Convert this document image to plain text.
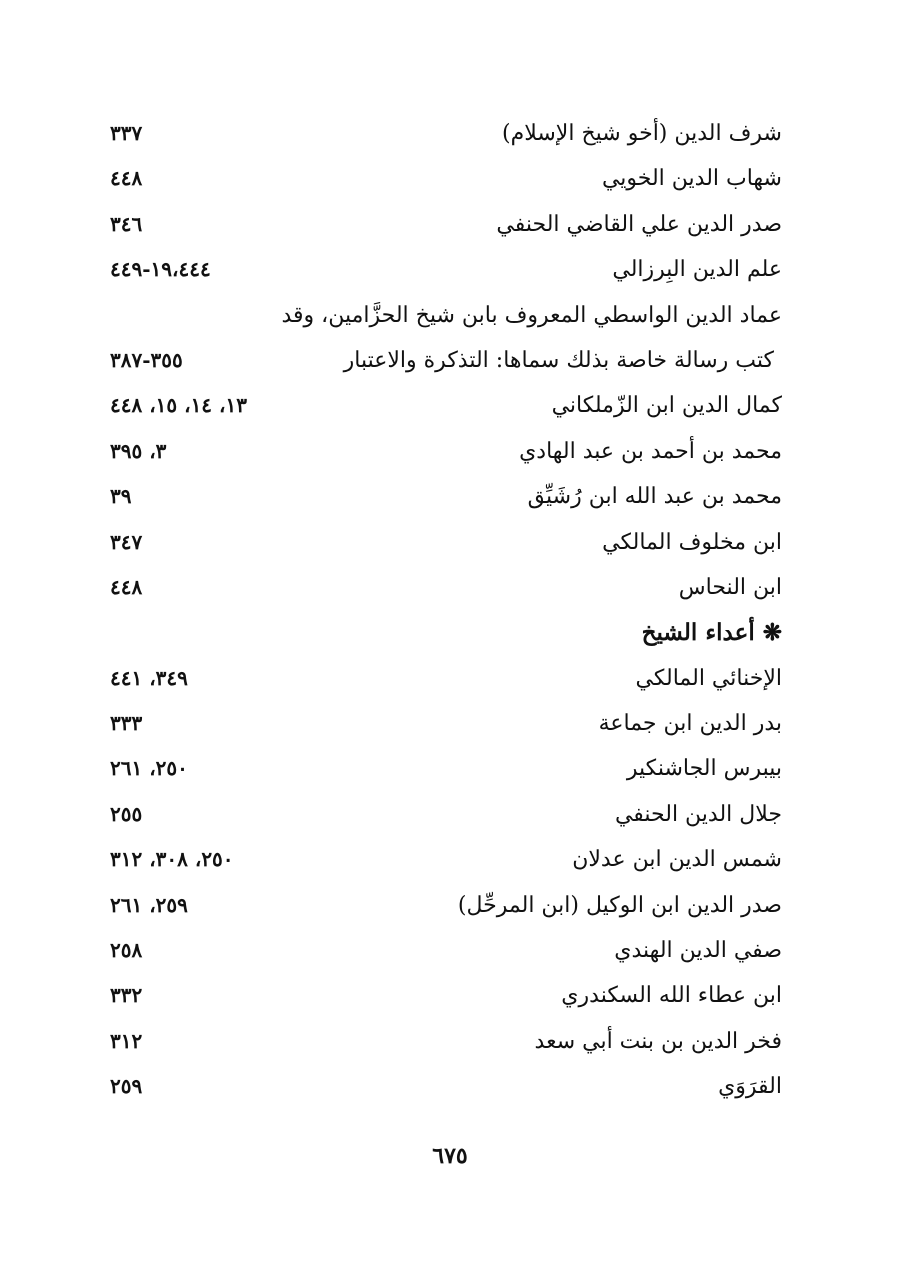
شرف الدين (أخو شيخ الإسلام)
٣٣٧
شهاب الدين الخويي
٤٤٨
صدر الدين علي القاضي الحنفي
٣٤٦
علم الدين البِرزالي
١٩،٤٤٤-٤٤٩
عماد الدين الواسطي المعروف بابن شيخ الحزَّامين، وقد
كتب رسالة خاصة بذلك سماها: التذكرة والاعتبار
٣٥٥-٣٨٧
كمال الدين ابن الزّملكاني
١٣، ١٤، ١٥، ٤٤٨
محمد بن أحمد بن عبد الهادي
٣، ٣٩٥
محمد بن عبد الله ابن رُشَيِّق
٣٩
ابن مخلوف المالكي
٣٤٧
ابن النحاس
٤٤٨
❋ أعداء الشيخ
الإخنائي المالكي
٣٤٩، ٤٤١
بدر الدين ابن جماعة
٣٣٣
بيبرس الجاشنكير
٢٥٠، ٢٦١
جلال الدين الحنفي
٢٥٥
شمس الدين ابن عدلان
٢٥٠، ٣٠٨، ٣١٢
صدر الدين ابن الوكيل (ابن المرحِّل)
٢٥٩، ٢٦١
صفي الدين الهندي
٢٥٨
ابن عطاء الله السكندري
٣٣٢
فخر الدين بن بنت أبي سعد
٣١٢
القرَوَي
٢٥٩
٦٧٥
